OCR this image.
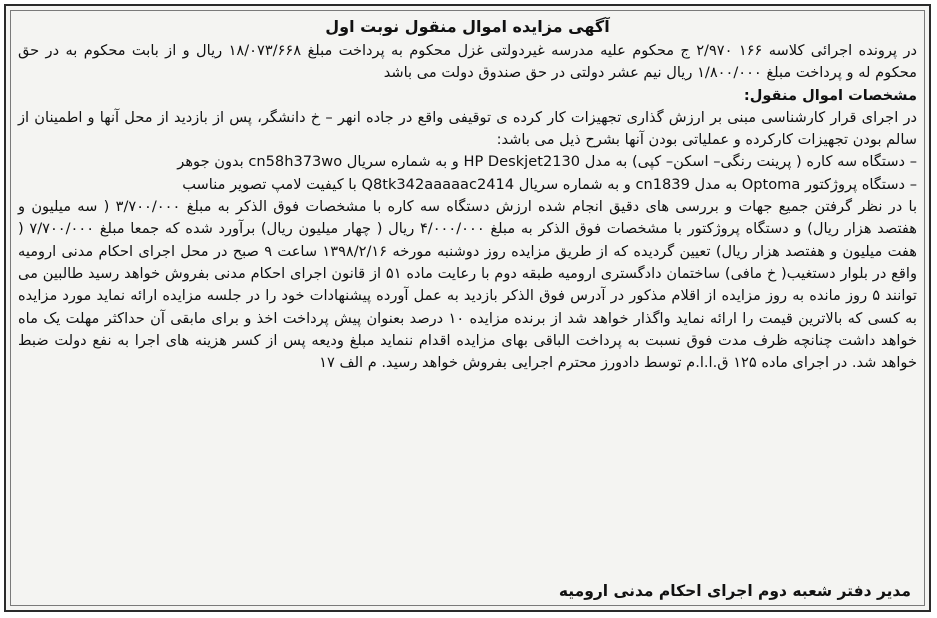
آگهی مزایده اموال منقول نوبت اول

در پرونده اجرائی کلاسه ۱۶۶ ۲/۹۷۰ ج محکوم علیه مدرسه غیردولتی غزل محکوم به پرداخت مبلغ ۱۸/۰۷۳/۶۶۸ ریال و از بابت محکوم به در حق محکوم له و پرداخت مبلغ ۱/۸۰۰/۰۰۰ ریال نیم عشر دولتی در حق صندوق دولت می باشد

مشخصات اموال منقول:

در اجرای قرار کارشناسی مبنی بر ارزش گذاری تجهیزات کار کرده ی توقیفی واقع در جاده انهر – خ دانشگر، پس از بازدید از محل آنها و اطمینان از سالم بودن تجهیزات کارکرده و عملیاتی بودن آنها بشرح ذیل می باشد:

– دستگاه سه کاره ( پرینت رنگی– اسکن– کپی) به مدل HP Deskjet2130 و به شماره سریال cn58h373wo بدون جوهر

– دستگاه پروژکتور Optoma به مدل cn1839 و به شماره سریال Q8tk342aaaaac2414 با کیفیت لامپ تصویر مناسب

با در نظر گرفتن جمیع جهات و بررسی های دقیق انجام شده ارزش دستگاه سه کاره با مشخصات فوق الذکر به مبلغ ۳/۷۰۰/۰۰۰ ( سه میلیون و هفتصد هزار ریال) و دستگاه پروژکتور با مشخصات فوق الذکر به مبلغ ۴/۰۰۰/۰۰۰ ریال ( چهار میلیون ریال) برآورد شده که جمعا مبلغ ۷/۷۰۰/۰۰۰ ( هفت میلیون و هفتصد هزار ریال) تعیین گردیده که از طریق مزایده روز دوشنبه مورخه ۱۳۹۸/۲/۱۶ ساعت ۹ صبح در محل اجرای احکام مدنی ارومیه واقع در بلوار دستغیب( خ مافی) ساختمان دادگستری ارومیه طبقه دوم با رعایت ماده ۵۱ از قانون اجرای احکام مدنی بفروش خواهد رسید طالبین می توانند ۵ روز مانده به روز مزایده از اقلام مذکور در آدرس فوق الذکر بازدید به عمل آورده پیشنهادات خود را در جلسه مزایده ارائه نماید مورد مزایده به کسی که بالاترین قیمت را ارائه نماید واگذار خواهد شد از برنده مزایده ۱۰ درصد بعنوان پیش پرداخت اخذ و برای مابقی آن حداکثر مهلت یک ماه خواهد داشت چنانچه ظرف مدت فوق نسبت به پرداخت الباقی بهای مزایده اقدام ننماید مبلغ ودیعه پس از کسر هزینه های اجرا به نفع دولت ضبط خواهد شد. در اجرای ماده ۱۲۵ ق.ا.ا.م توسط دادورز محترم اجرایی بفروش خواهد رسید. م الف ۱۷

مدیر دفتر شعبه دوم اجرای احکام مدنی ارومیه
